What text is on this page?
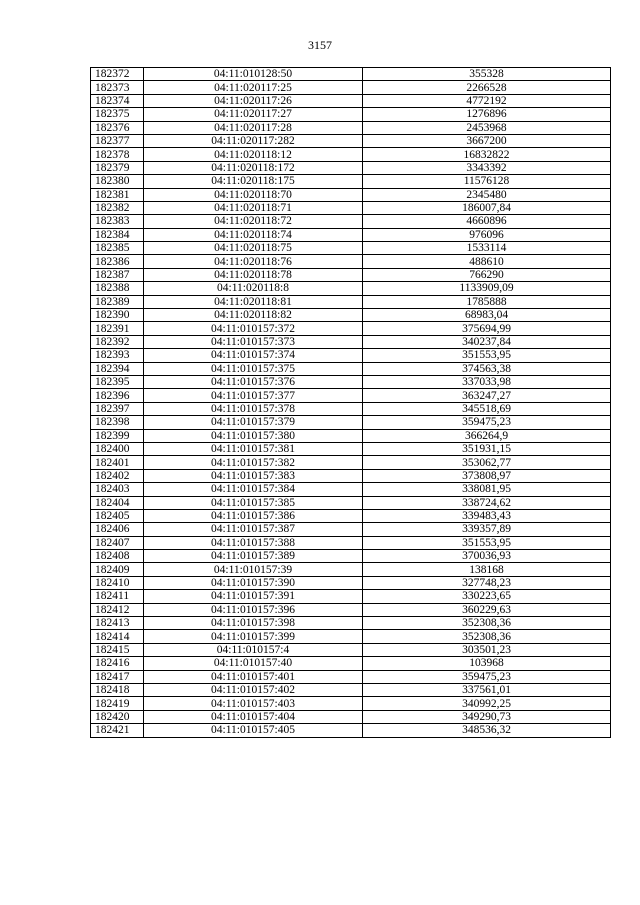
3157
182372	04:11:010128:50	355328
182373	04:11:020117:25	2266528
182374	04:11:020117:26	4772192
182375	04:11:020117:27	1276896
182376	04:11:020117:28	2453968
182377	04:11:020117:282	3667200
182378	04:11:020118:12	16832822
182379	04:11:020118:172	3343392
182380	04:11:020118:175	11576128
182381	04:11:020118:70	2345480
182382	04:11:020118:71	186007,84
182383	04:11:020118:72	4660896
182384	04:11:020118:74	976096
182385	04:11:020118:75	1533114
182386	04:11:020118:76	488610
182387	04:11:020118:78	766290
182388	04:11:020118:8	1133909,09
182389	04:11:020118:81	1785888
182390	04:11:020118:82	68983,04
182391	04:11:010157:372	375694,99
182392	04:11:010157:373	340237,84
182393	04:11:010157:374	351553,95
182394	04:11:010157:375	374563,38
182395	04:11:010157:376	337033,98
182396	04:11:010157:377	363247,27
182397	04:11:010157:378	345518,69
182398	04:11:010157:379	359475,23
182399	04:11:010157:380	366264,9
182400	04:11:010157:381	351931,15
182401	04:11:010157:382	353062,77
182402	04:11:010157:383	373808,97
182403	04:11:010157:384	338081,95
182404	04:11:010157:385	338724,62
182405	04:11:010157:386	339483,43
182406	04:11:010157:387	339357,89
182407	04:11:010157:388	351553,95
182408	04:11:010157:389	370036,93
182409	04:11:010157:39	138168
182410	04:11:010157:390	327748,23
182411	04:11:010157:391	330223,65
182412	04:11:010157:396	360229,63
182413	04:11:010157:398	352308,36
182414	04:11:010157:399	352308,36
182415	04:11:010157:4	303501,23
182416	04:11:010157:40	103968
182417	04:11:010157:401	359475,23
182418	04:11:010157:402	337561,01
182419	04:11:010157:403	340992,25
182420	04:11:010157:404	349290,73
182421	04:11:010157:405	348536,32
